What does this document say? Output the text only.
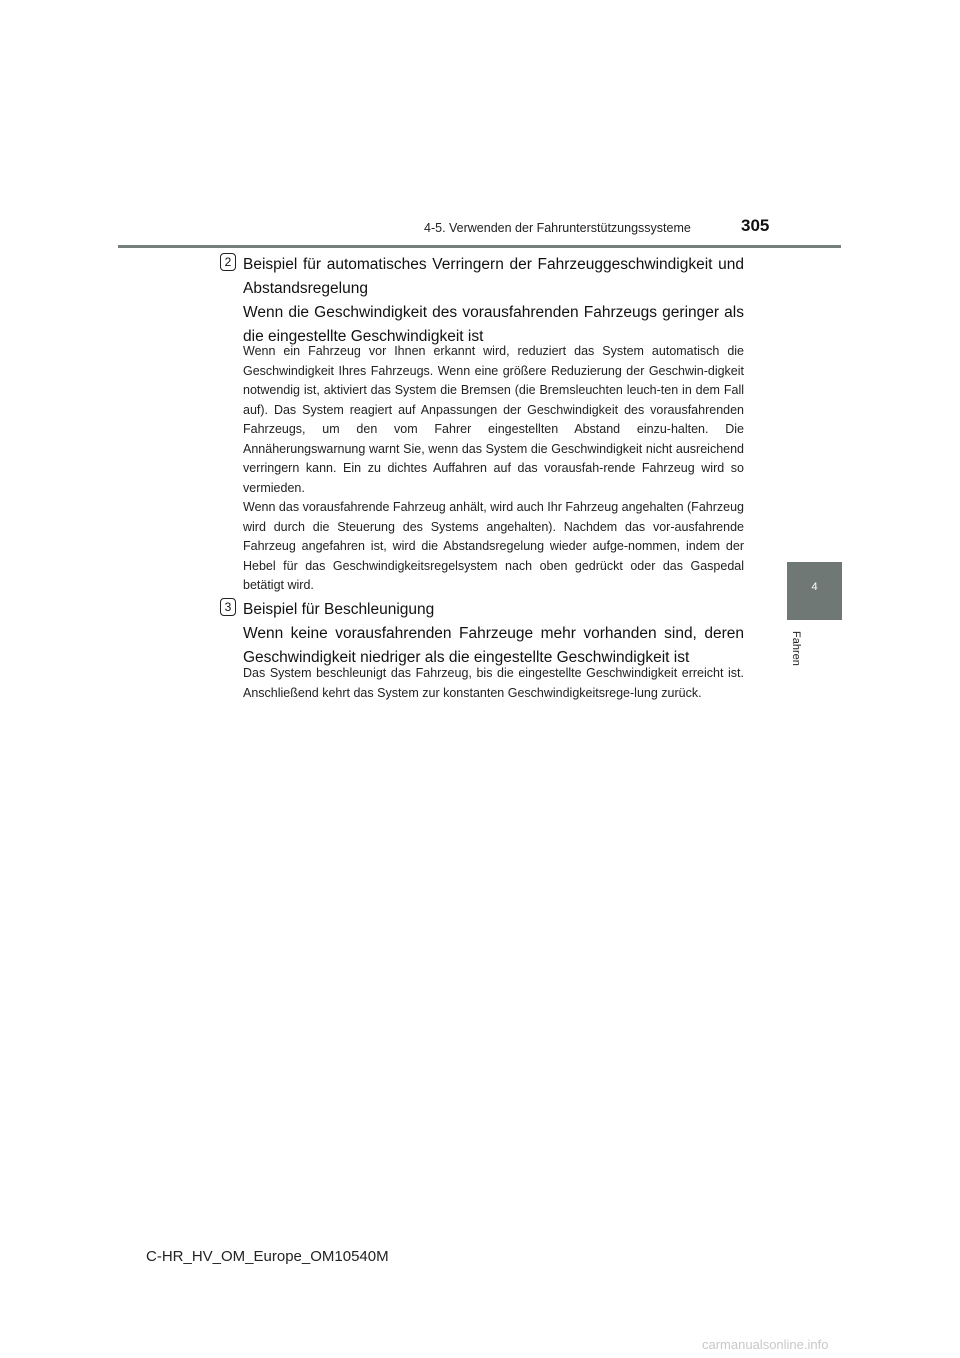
4-5. Verwenden der Fahrunterstützungssysteme	305
4
Fahren
2 Beispiel für automatisches Verringern der Fahrzeuggeschwindigkeit und Abstandsregelung

Wenn die Geschwindigkeit des vorausfahrenden Fahrzeugs geringer als die eingestellte Geschwindigkeit ist

Wenn ein Fahrzeug vor Ihnen erkannt wird, reduziert das System automatisch die Geschwindigkeit Ihres Fahrzeugs. Wenn eine größere Reduzierung der Geschwin-digkeit notwendig ist, aktiviert das System die Bremsen (die Bremsleuchten leuch-ten in dem Fall auf). Das System reagiert auf Anpassungen der Geschwindigkeit des vorausfahrenden Fahrzeugs, um den vom Fahrer eingestellten Abstand einzu-halten. Die Annäherungswarnung warnt Sie, wenn das System die Geschwindigkeit nicht ausreichend verringern kann. Ein zu dichtes Auffahren auf das vorausfah-rende Fahrzeug wird so vermieden.

Wenn das vorausfahrende Fahrzeug anhält, wird auch Ihr Fahrzeug angehalten (Fahrzeug wird durch die Steuerung des Systems angehalten). Nachdem das vor-ausfahrende Fahrzeug angefahren ist, wird die Abstandsregelung wieder aufge-nommen, indem der Hebel für das Geschwindigkeitsregelsystem nach oben gedrückt oder das Gaspedal betätigt wird.

3 Beispiel für Beschleunigung

Wenn keine vorausfahrenden Fahrzeuge mehr vorhanden sind, deren Geschwindigkeit niedriger als die eingestellte Geschwindigkeit ist

Das System beschleunigt das Fahrzeug, bis die eingestellte Geschwindigkeit erreicht ist. Anschließend kehrt das System zur konstanten Geschwindigkeitsrege-lung zurück.

C-HR_HV_OM_Europe_OM10540M
carmanualsonline.info
